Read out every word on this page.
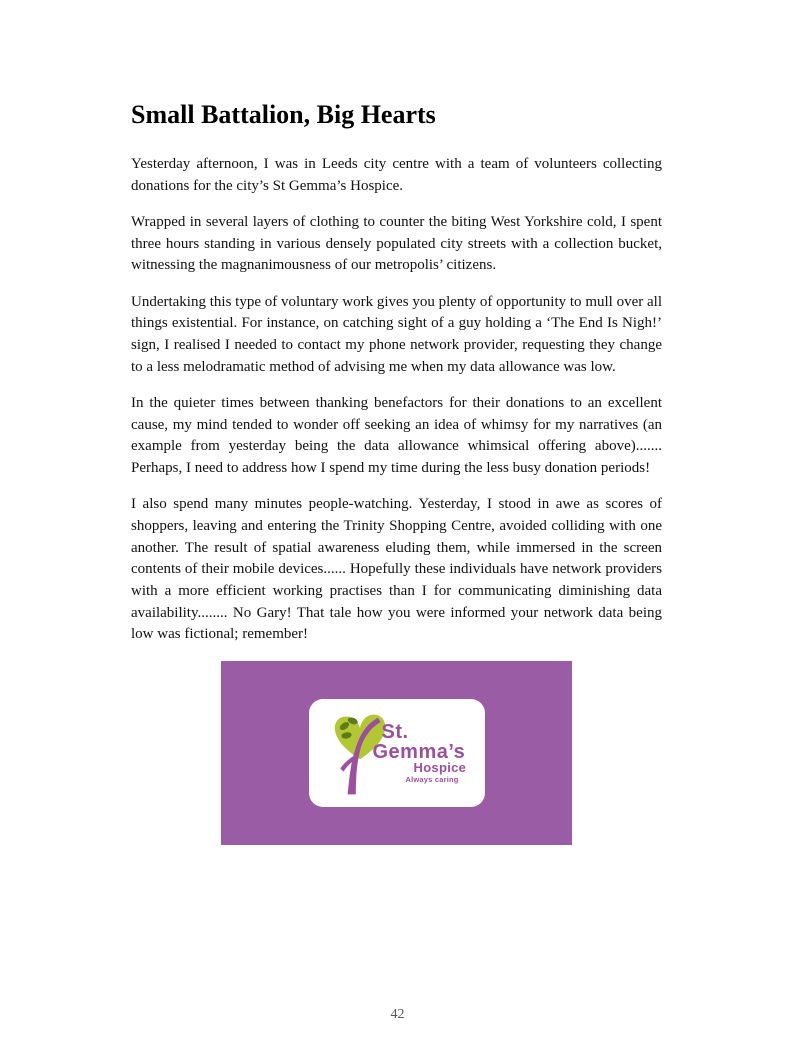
Small Battalion, Big Hearts

Yesterday afternoon, I was in Leeds city centre with a team of volunteers collecting donations for the city’s St Gemma’s Hospice.

Wrapped in several layers of clothing to counter the biting West Yorkshire cold, I spent three hours standing in various densely populated city streets with a collection bucket, witnessing the magnanimousness of our metropolis’ citizens.

Undertaking this type of voluntary work gives you plenty of opportunity to mull over all things existential. For instance, on catching sight of a guy holding a ‘The End Is Nigh!’ sign, I realised I needed to contact my phone network provider, requesting they change to a less melodramatic method of advising me when my data allowance was low.

In the quieter times between thanking benefactors for their donations to an excellent cause, my mind tended to wonder off seeking an idea of whimsy for my narratives (an example from yesterday being the data allowance whimsical offering above)....... Perhaps, I need to address how I spend my time during the less busy donation periods!

I also spend many minutes people-watching. Yesterday, I stood in awe as scores of shoppers, leaving and entering the Trinity Shopping Centre, avoided colliding with one another. The result of spatial awareness eluding them, while immersed in the screen contents of their mobile devices...... Hopefully these individuals have network providers with a more efficient working practises than I for communicating diminishing data availability........ No Gary! That tale how you were informed your network data being low was fictional; remember!

St.
Gemma’s
Hospice
Always caring
42
